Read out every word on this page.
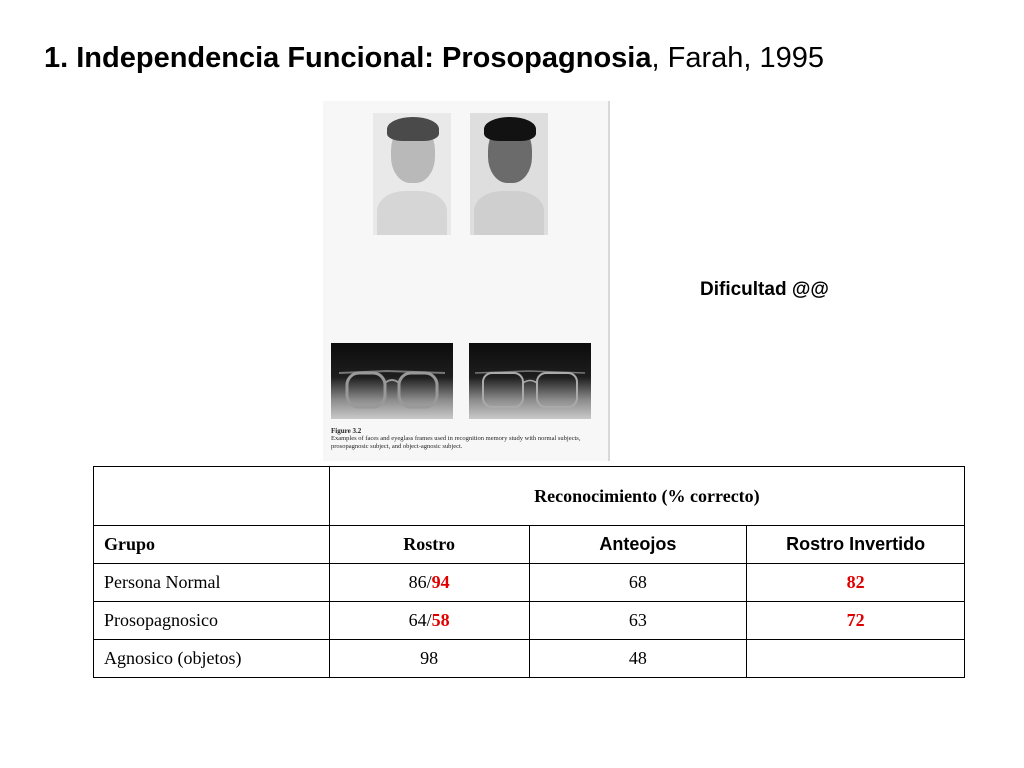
1. Independencia Funcional: Prosopagnosia, Farah, 1995
Figure 3.2
Examples of faces and eyeglass frames used in recognition memory study with normal subjects, prosopagnosic subject, and object-agnosic subject.
Dificultad @@
	Reconocimiento (% correcto)		
Grupo	Rostro	Anteojos	Rostro Invertido
Persona Normal	86/94	68	82
Prosopagnosico	64/58	63	72
Agnosico (objetos)	98	48	
